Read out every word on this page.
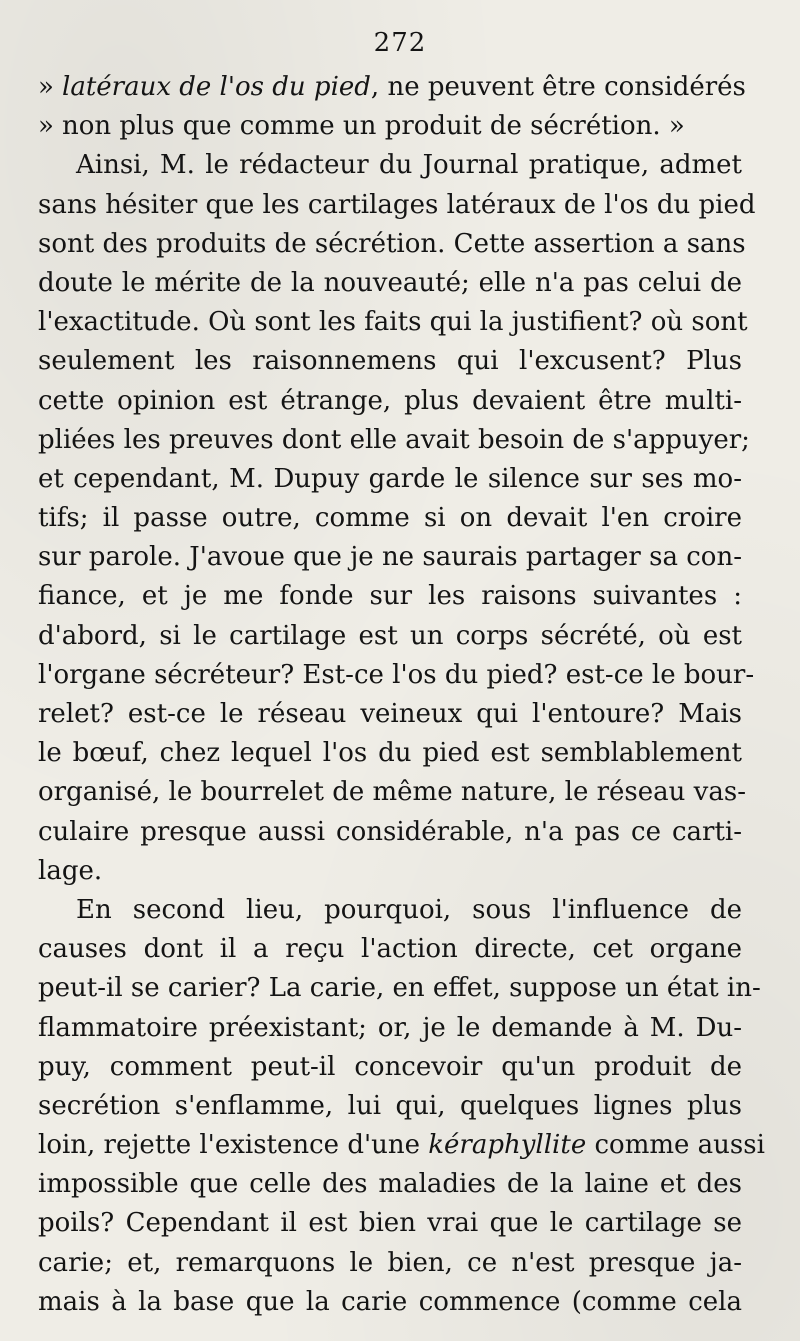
272
» latéraux de l'os du pied, ne peuvent être considérés
» non plus que comme un produit de sécrétion. »
Ainsi, M. le rédacteur du Journal pratique, admet
sans hésiter que les cartilages latéraux de l'os du pied
sont des produits de sécrétion. Cette assertion a sans
doute le mérite de la nouveauté; elle n'a pas celui de
l'exactitude. Où sont les faits qui la justifient? où sont
seulement les raisonnemens qui l'excusent? Plus
cette opinion est étrange, plus devaient être multi-
pliées les preuves dont elle avait besoin de s'appuyer;
et cependant, M. Dupuy garde le silence sur ses mo-
tifs; il passe outre, comme si on devait l'en croire
sur parole. J'avoue que je ne saurais partager sa con-
fiance, et je me fonde sur les raisons suivantes :
d'abord, si le cartilage est un corps sécrété, où est
l'organe sécréteur? Est-ce l'os du pied? est-ce le bour-
relet? est-ce le réseau veineux qui l'entoure? Mais
le bœuf, chez lequel l'os du pied est semblablement
organisé, le bourrelet de même nature, le réseau vas-
culaire presque aussi considérable, n'a pas ce carti-
lage.
En second lieu, pourquoi, sous l'influence de
causes dont il a reçu l'action directe, cet organe
peut-il se carier? La carie, en effet, suppose un état in-
flammatoire préexistant; or, je le demande à M. Du-
puy, comment peut-il concevoir qu'un produit de
secrétion s'enflamme, lui qui, quelques lignes plus
loin, rejette l'existence d'une kéraphyllite comme aussi
impossible que celle des maladies de la laine et des
poils? Cependant il est bien vrai que le cartilage se
carie; et, remarquons le bien, ce n'est presque ja-
mais à la base que la carie commence (comme cela
